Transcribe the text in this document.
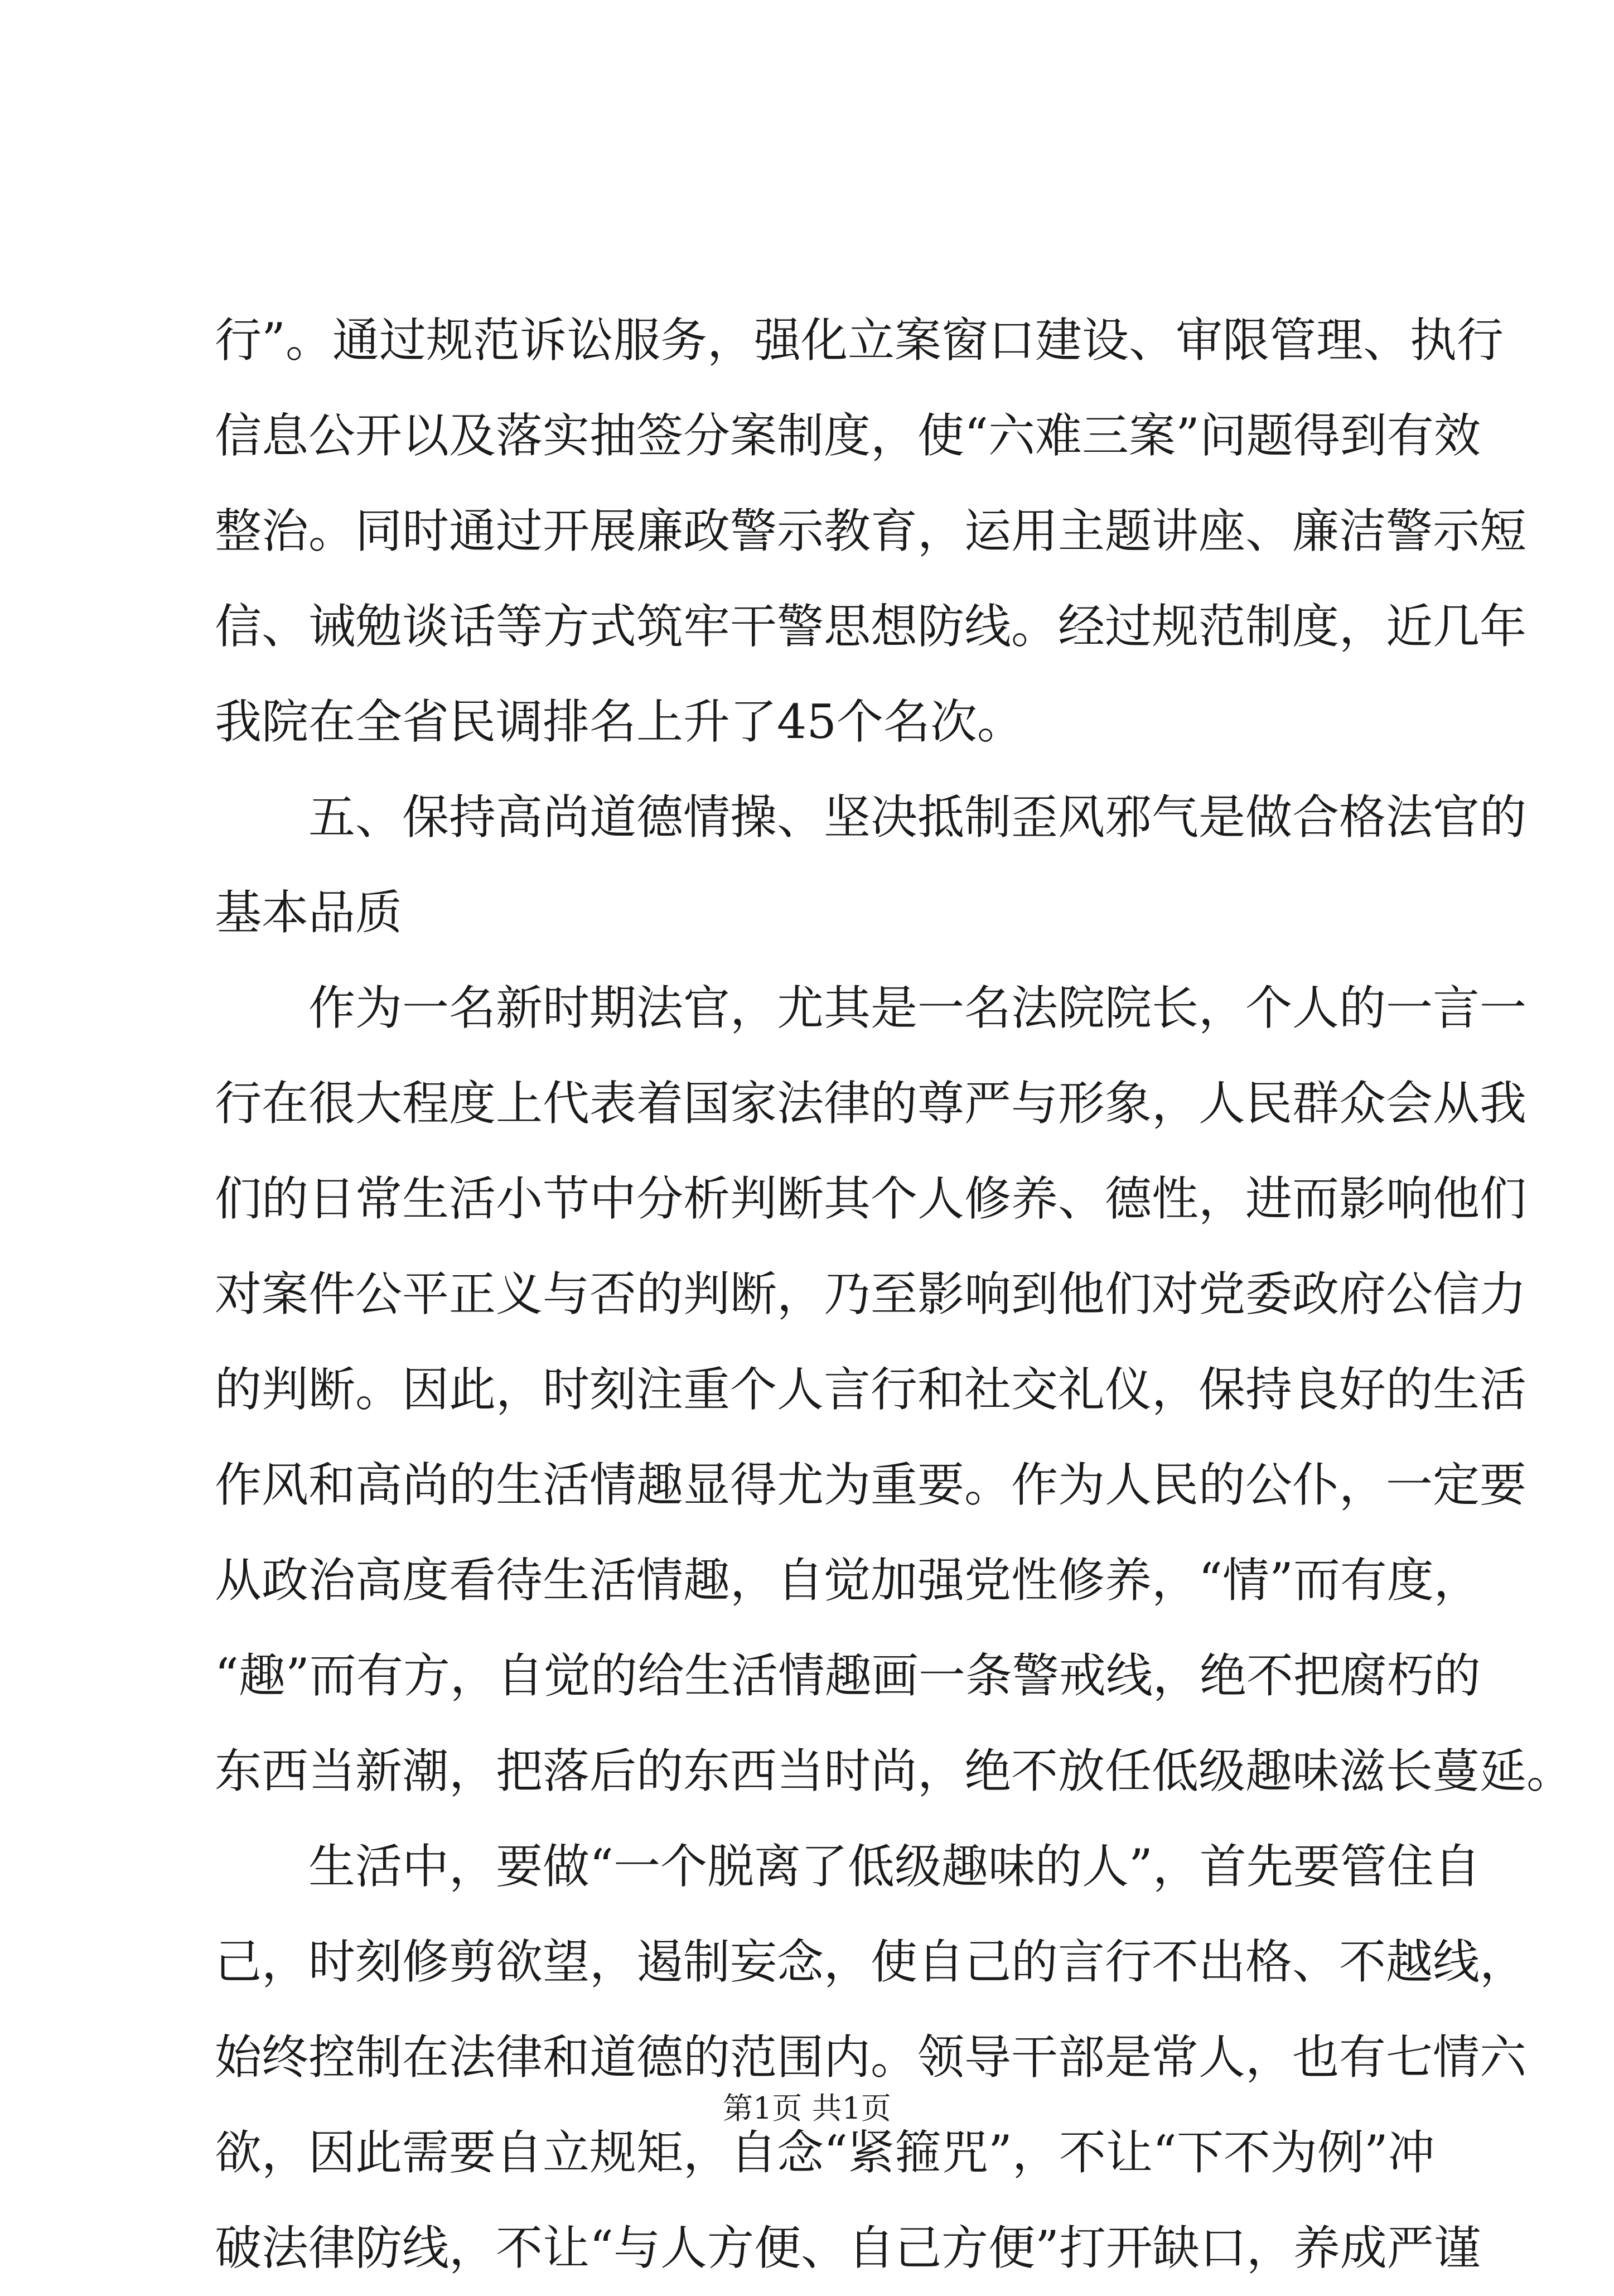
行”。通过规范诉讼服务，强化立案窗口建设、审限管理、执行
信息公开以及落实抽签分案制度，使“六难三案”问题得到有效
整治。同时通过开展廉政警示教育，运用主题讲座、廉洁警示短
信、诫勉谈话等方式筑牢干警思想防线。经过规范制度，近几年
我院在全省民调排名上升了45个名次。
五、保持高尚道德情操、坚决抵制歪风邪气是做合格法官的
基本品质
作为一名新时期法官，尤其是一名法院院长，个人的一言一
行在很大程度上代表着国家法律的尊严与形象，人民群众会从我
们的日常生活小节中分析判断其个人修养、德性，进而影响他们
对案件公平正义与否的判断，乃至影响到他们对党委政府公信力
的判断。因此，时刻注重个人言行和社交礼仪，保持良好的生活
作风和高尚的生活情趣显得尤为重要。作为人民的公仆，一定要
从政治高度看待生活情趣，自觉加强党性修养，“情”而有度，
“趣”而有方，自觉的给生活情趣画一条警戒线，绝不把腐朽的
东西当新潮，把落后的东西当时尚，绝不放任低级趣味滋长蔓延。
生活中，要做“一个脱离了低级趣味的人”，首先要管住自
己，时刻修剪欲望，遏制妄念，使自己的言行不出格、不越线，
始终控制在法律和道德的范围内。领导干部是常人，也有七情六
欲，因此需要自立规矩，自念“紧箍咒”，不让“下不为例”冲
破法律防线，不让“与人方便、自己方便”打开缺口，养成严谨
第1页 共1页
